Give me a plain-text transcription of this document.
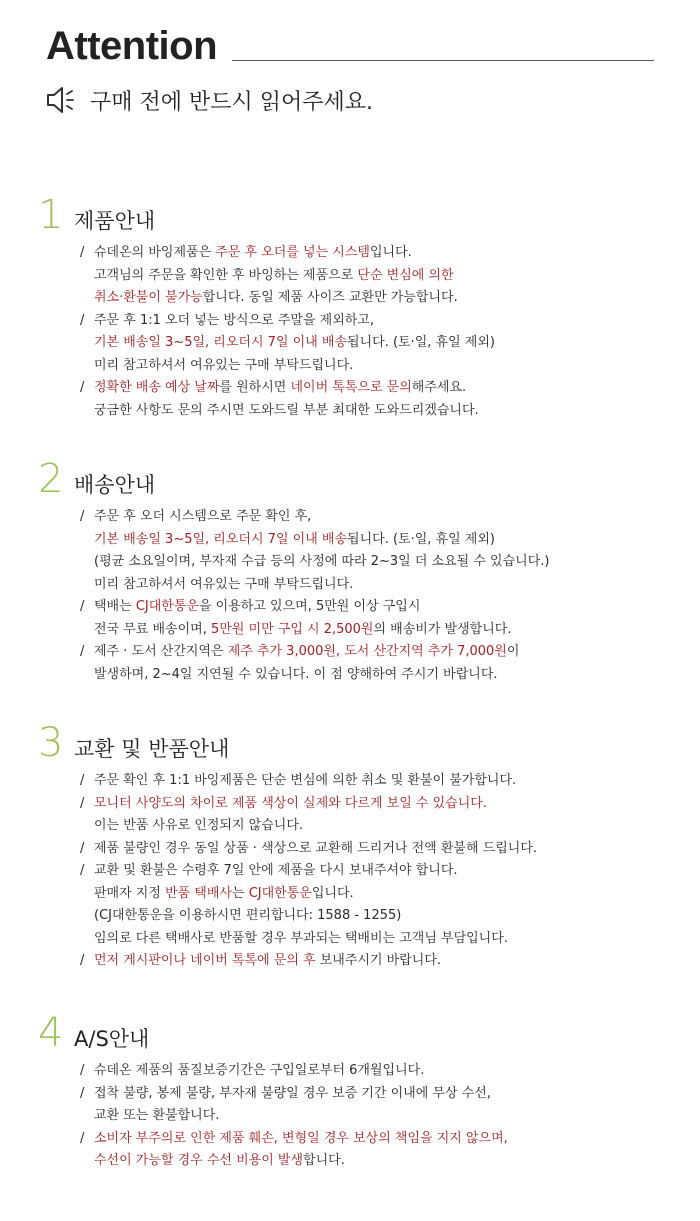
Attention
구매 전에 반드시 읽어주세요.
1 제품안내
/ 슈데온의 바잉제품은 주문 후 오더를 넣는 시스템입니다.
고객님의 주문을 확인한 후 바잉하는 제품으로 단순 변심에 의한
취소·환불이 불가능합니다. 동일 제품 사이즈 교환만 가능합니다.
/ 주문 후 1:1 오더 넣는 방식으로 주말을 제외하고,
기본 배송일 3~5일, 리오더시 7일 이내 배송됩니다. (토·일, 휴일 제외)
미리 참고하셔서 여유있는 구매 부탁드립니다.
/ 정확한 배송 예상 날짜를 원하시면 네이버 톡톡으로 문의해주세요.
궁금한 사항도 문의 주시면 도와드릴 부분 최대한 도와드리겠습니다.
2 배송안내
/ 주문 후 오더 시스템으로 주문 확인 후,
기본 배송일 3~5일, 리오더시 7일 이내 배송됩니다. (토·일, 휴일 제외)
(평균 소요일이며, 부자재 수급 등의 사정에 따라 2~3일 더 소요될 수 있습니다.)
미리 참고하셔서 여유있는 구매 부탁드립니다.
/ 택배는 CJ대한통운을 이용하고 있으며, 5만원 이상 구입시
전국 무료 배송이며, 5만원 미만 구입 시 2,500원의 배송비가 발생합니다.
/ 제주 · 도서 산간지역은 제주 추가 3,000원, 도서 산간지역 추가 7,000원이
발생하며, 2~4일 지연될 수 있습니다. 이 점 양해하여 주시기 바랍니다.
3 교환 및 반품안내
/ 주문 확인 후 1:1 바잉제품은 단순 변심에 의한 취소 및 환불이 불가합니다.
/ 모니터 사양도의 차이로 제품 색상이 실제와 다르게 보일 수 있습니다.
이는 반품 사유로 인정되지 않습니다.
/ 제품 불량인 경우 동일 상품 · 색상으로 교환해 드리거나 전액 환불해 드립니다.
/ 교환 및 환불은 수령후 7일 안에 제품을 다시 보내주셔야 합니다.
판매자 지정 반품 택배사는 CJ대한통운입니다.
(CJ대한통운을 이용하시면 편리합니다: 1588 - 1255)
임의로 다른 택배사로 반품할 경우 부과되는 택배비는 고객님 부담입니다.
/ 먼저 게시판이나 네이버 톡톡에 문의 후 보내주시기 바랍니다.
4 A/S안내
/ 슈데온 제품의 품질보증기간은 구입일로부터 6개월입니다.
/ 접착 불량, 봉제 불량, 부자재 불량일 경우 보증 기간 이내에 무상 수선,
교환 또는 환불합니다.
/ 소비자 부주의로 인한 제품 훼손, 변형일 경우 보상의 책임을 지지 않으며,
수선이 가능할 경우 수선 비용이 발생합니다.
